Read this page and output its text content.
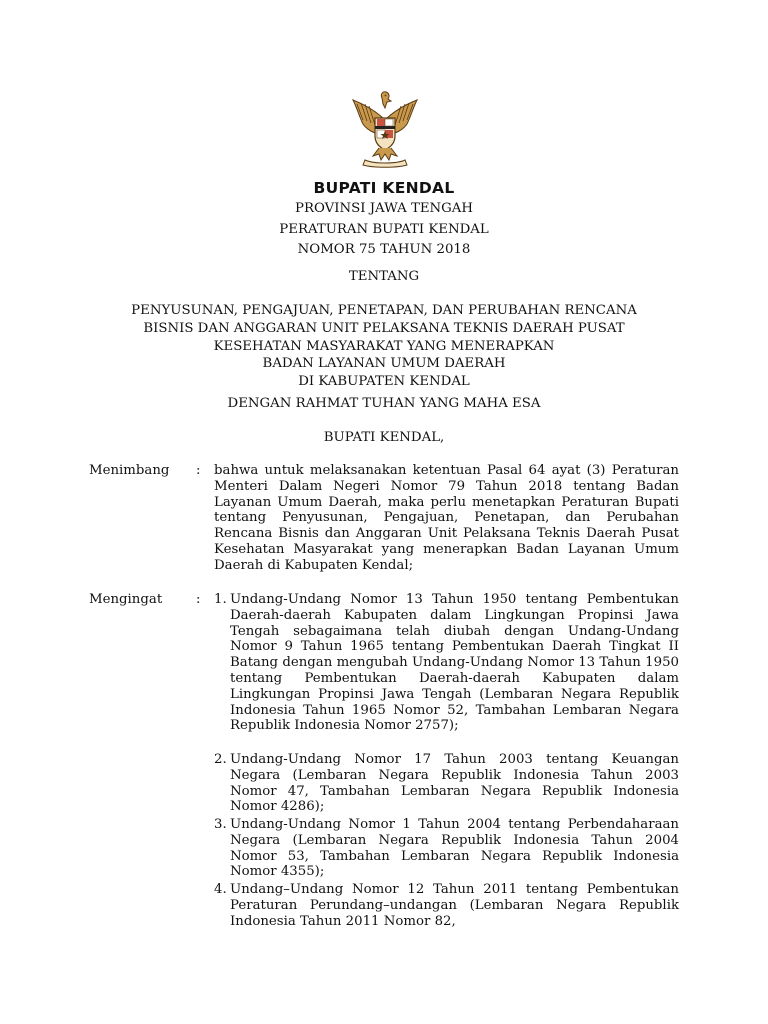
BUPATI KENDAL
PROVINSI JAWA TENGAH
PERATURAN BUPATI KENDAL
NOMOR 75 TAHUN 2018
TENTANG
PENYUSUNAN, PENGAJUAN, PENETAPAN, DAN PERUBAHAN RENCANA
BISNIS DAN ANGGARAN UNIT PELAKSANA TEKNIS DAERAH PUSAT
KESEHATAN MASYARAKAT YANG MENERAPKAN
BADAN LAYANAN UMUM DAERAH
DI KABUPATEN KENDAL
DENGAN RAHMAT TUHAN YANG MAHA ESA
BUPATI KENDAL,
Menimbang : bahwa untuk melaksanakan ketentuan Pasal 64 ayat (3) Peraturan Menteri Dalam Negeri Nomor 79 Tahun 2018 tentang Badan Layanan Umum Daerah, maka perlu menetapkan Peraturan Bupati tentang Penyusunan, Pengajuan, Penetapan, dan Perubahan Rencana Bisnis dan Anggaran Unit Pelaksana Teknis Daerah Pusat Kesehatan Masyarakat yang menerapkan Badan Layanan Umum Daerah di Kabupaten Kendal;
Mengingat	: 1. Undang-Undang Nomor 13 Tahun 1950 tentang Pembentukan Daerah-daerah Kabupaten dalam Lingkungan Propinsi Jawa Tengah sebagaimana telah diubah dengan Undang-Undang Nomor 9 Tahun 1965 tentang Pembentukan Daerah Tingkat II Batang dengan mengubah Undang-Undang Nomor 13 Tahun 1950 tentang Pembentukan Daerah-daerah Kabupaten dalam Lingkungan Propinsi Jawa Tengah (Lembaran Negara Republik Indonesia Tahun 1965 Nomor 52, Tambahan Lembaran Negara Republik Indonesia Nomor 2757);
2. Undang-Undang Nomor 17 Tahun 2003 tentang Keuangan Negara (Lembaran Negara Republik Indonesia Tahun 2003 Nomor 47, Tambahan Lembaran Negara Republik Indonesia Nomor 4286);
3. Undang-Undang Nomor 1 Tahun 2004 tentang Perbendaharaan Negara (Lembaran Negara Republik Indonesia Tahun 2004 Nomor 53, Tambahan Lembaran Negara Republik Indonesia Nomor 4355);
4. Undang–Undang Nomor 12 Tahun 2011 tentang Pembentukan Peraturan Perundang–undangan (Lembaran Negara Republik Indonesia Tahun 2011 Nomor 82,
